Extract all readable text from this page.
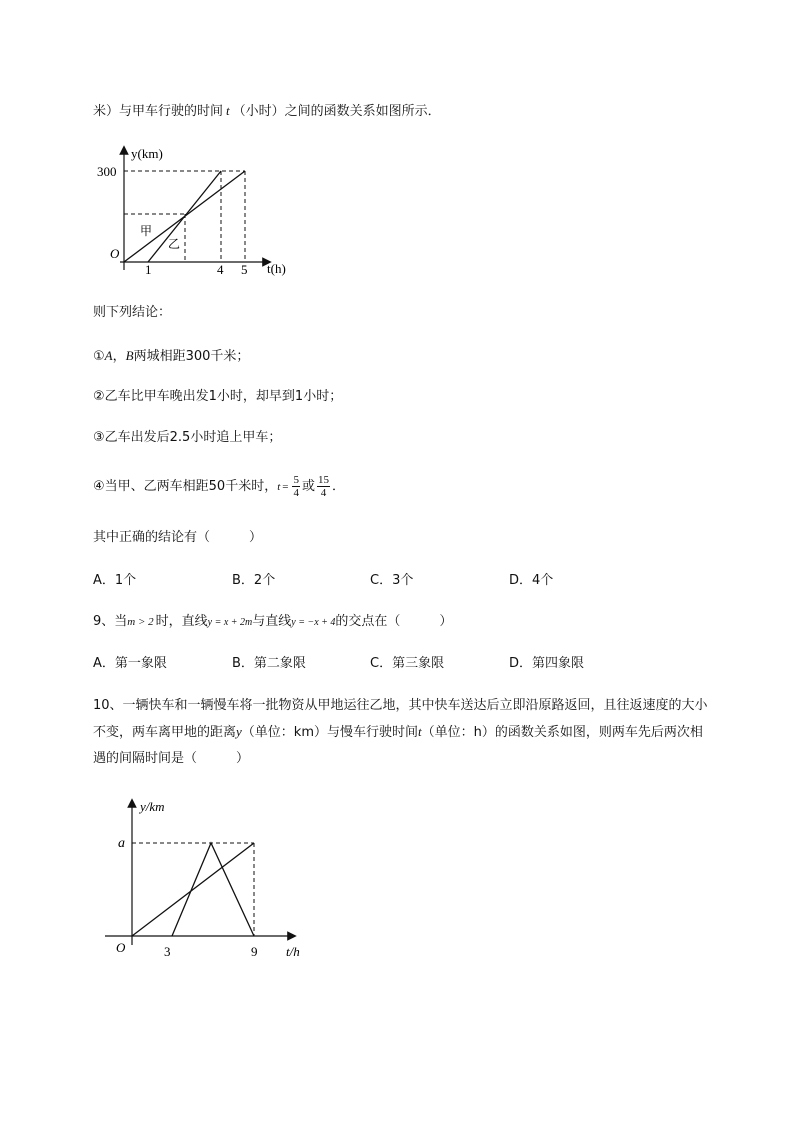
米）与甲车行驶的时间 t （小时）之间的函数关系如图所示．
y(km)
t(h)
300
O
1	4 5
甲
乙
则下列结论：
①A，B两城相距300千米；
②乙车比甲车晚出发1小时，却早到1小时；
③乙车出发后2.5小时追上甲车；
④当甲、乙两车相距50千米时，$t = \frac{5}{4}$ 或 $\frac{15}{4}$ ．
其中正确的结论有（　　　）
A．1个	B．2个	C．3个	D．4个
9、当m > 2 时，直线y = x + 2m与直线y = −x + 4的交点在（　　　）
A．第一象限	B．第二象限	C．第三象限	D．第四象限
10、一辆快车和一辆慢车将一批物资从甲地运往乙地，其中快车送达后立即沿原路返回，且往返速度的大小不变，两车离甲地的距离y（单位：km）与慢车行驶时间t（单位：h）的函数关系如图，则两车先后两次相遇的间隔时间是（　　　）
y/km
t/h
a
O	3	9
